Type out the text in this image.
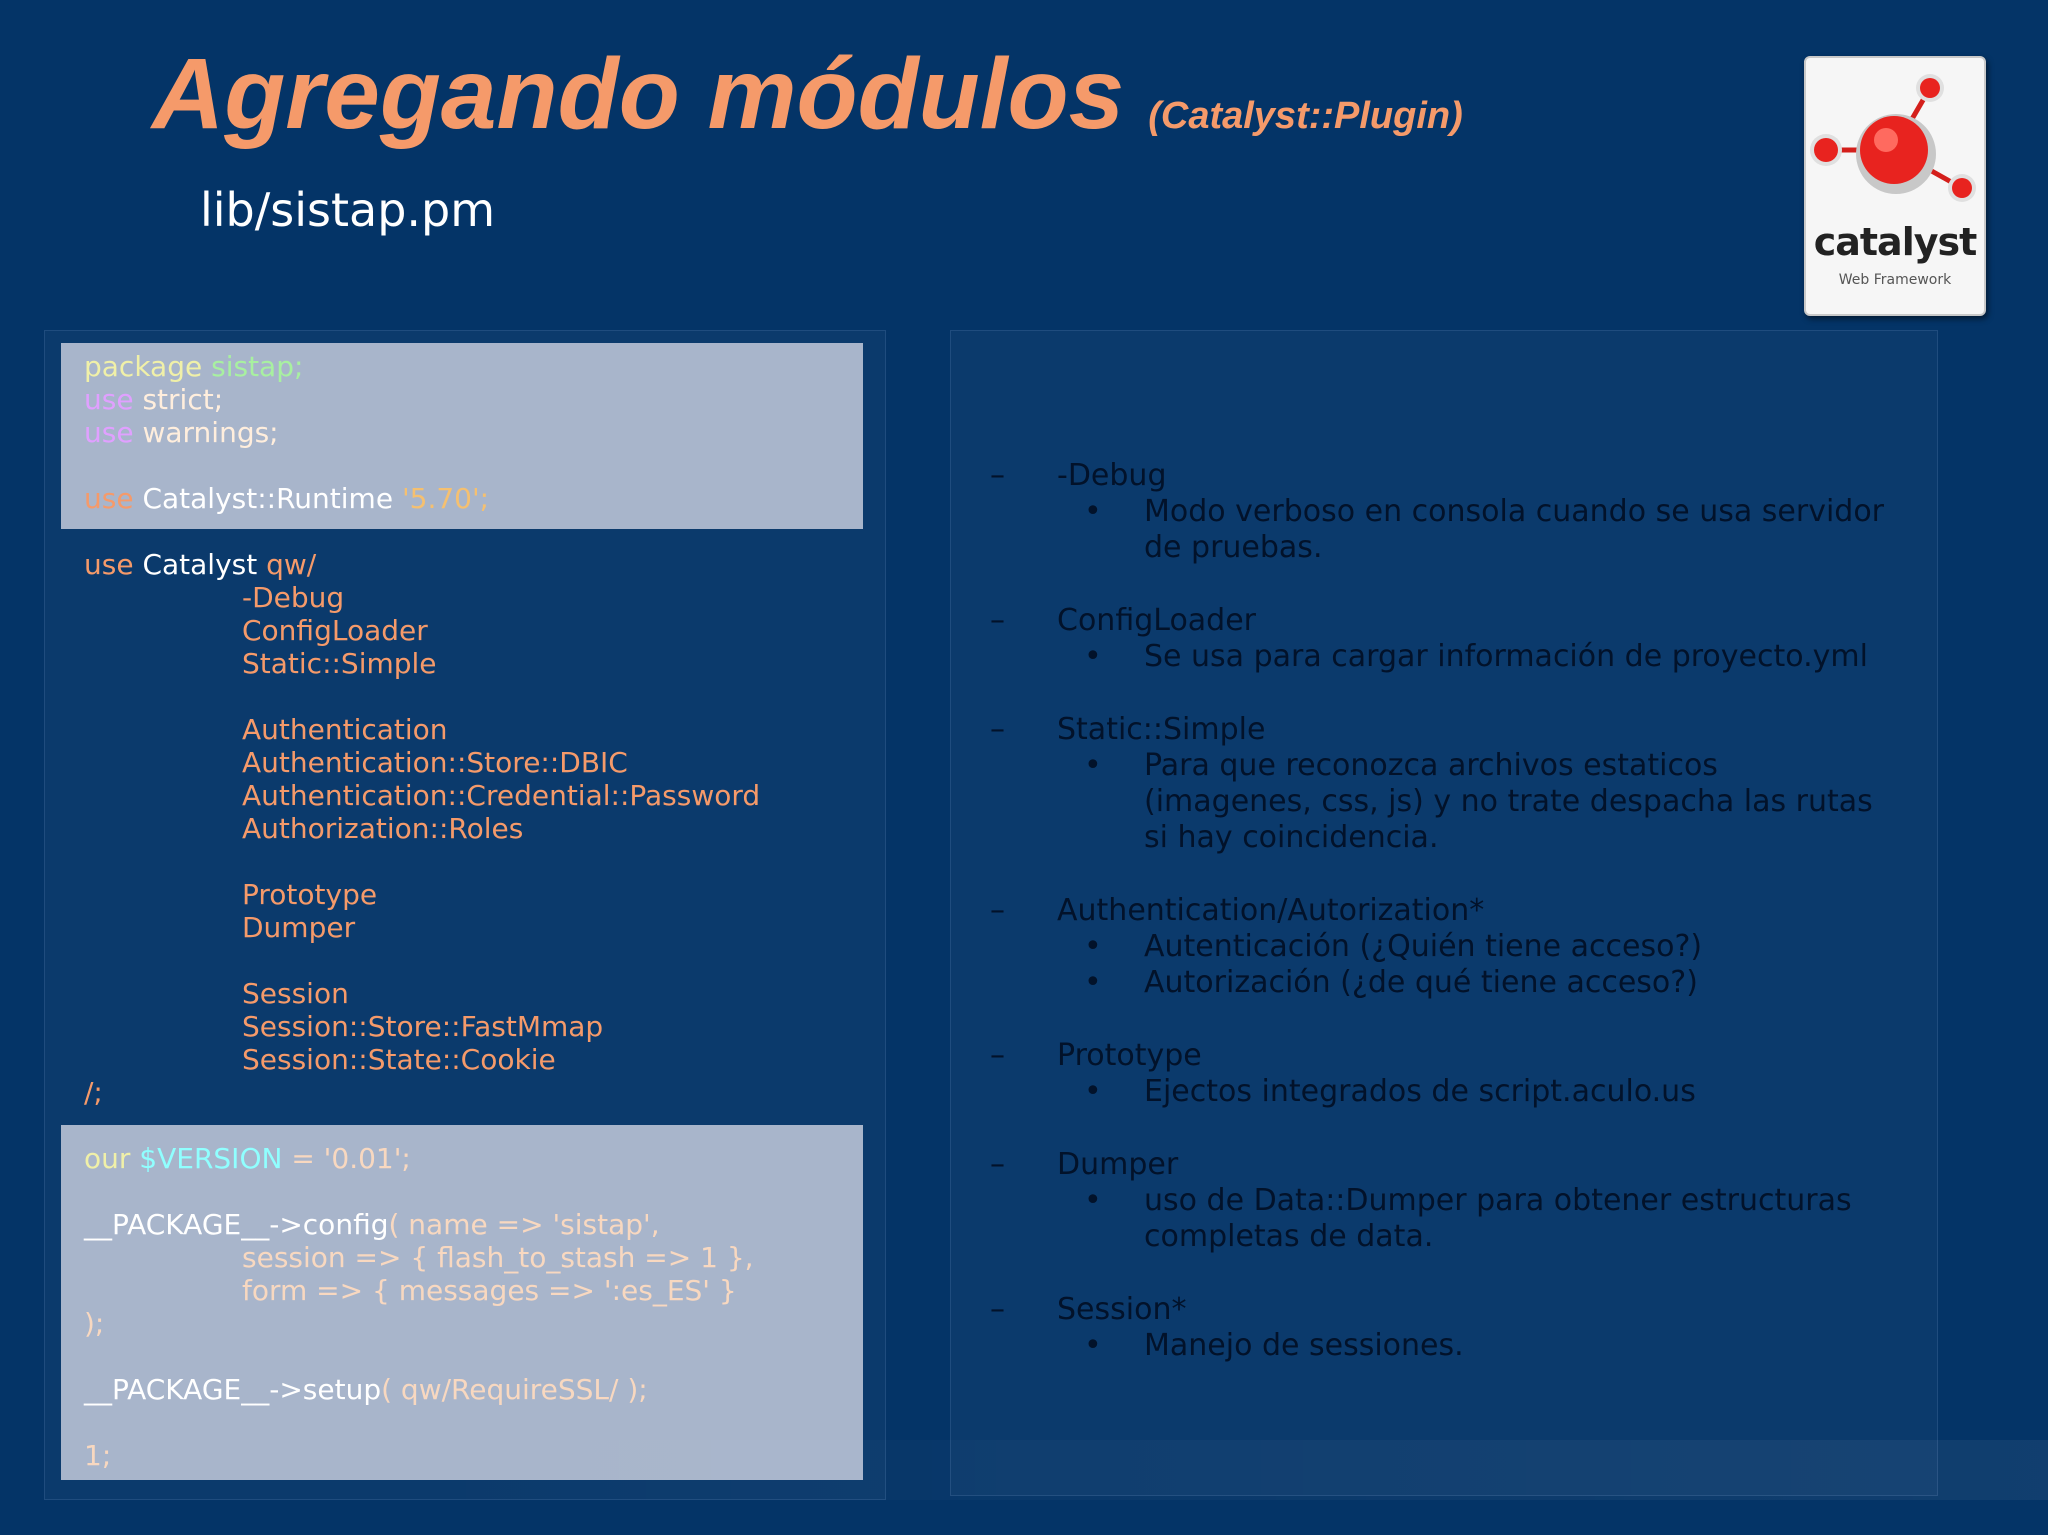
Agregando módulos (Catalyst::Plugin)
lib/sistap.pm
catalyst
Web Framework
package sistap;
use strict;
use warnings;
use Catalyst::Runtime '5.70';
use Catalyst qw/
-Debug
ConfigLoader
Static::Simple
Authentication
Authentication::Store::DBIC
Authentication::Credential::Password
Authorization::Roles
Prototype
Dumper
Session
Session::Store::FastMmap
Session::State::Cookie
/;
our $VERSION = '0.01';
__PACKAGE__->config( name => 'sistap',
session => { flash_to_stash => 1 },
form => { messages => ':es_ES' }
);
__PACKAGE__->setup( qw/RequireSSL/ );
1;
– -Debug
• Modo verboso en consola cuando se usa servidor
de pruebas.
– ConfigLoader
• Se usa para cargar información de proyecto.yml
– Static::Simple
• Para que reconozca archivos estaticos
(imagenes, css, js) y no trate despacha las rutas
si hay coincidencia.
– Authentication/Autorization*
• Autenticación (¿Quién tiene acceso?)
• Autorización (¿de qué tiene acceso?)
– Prototype
• Ejectos integrados de script.aculo.us
– Dumper
• uso de Data::Dumper para obtener estructuras
completas de data.
– Session*
• Manejo de sessiones.
